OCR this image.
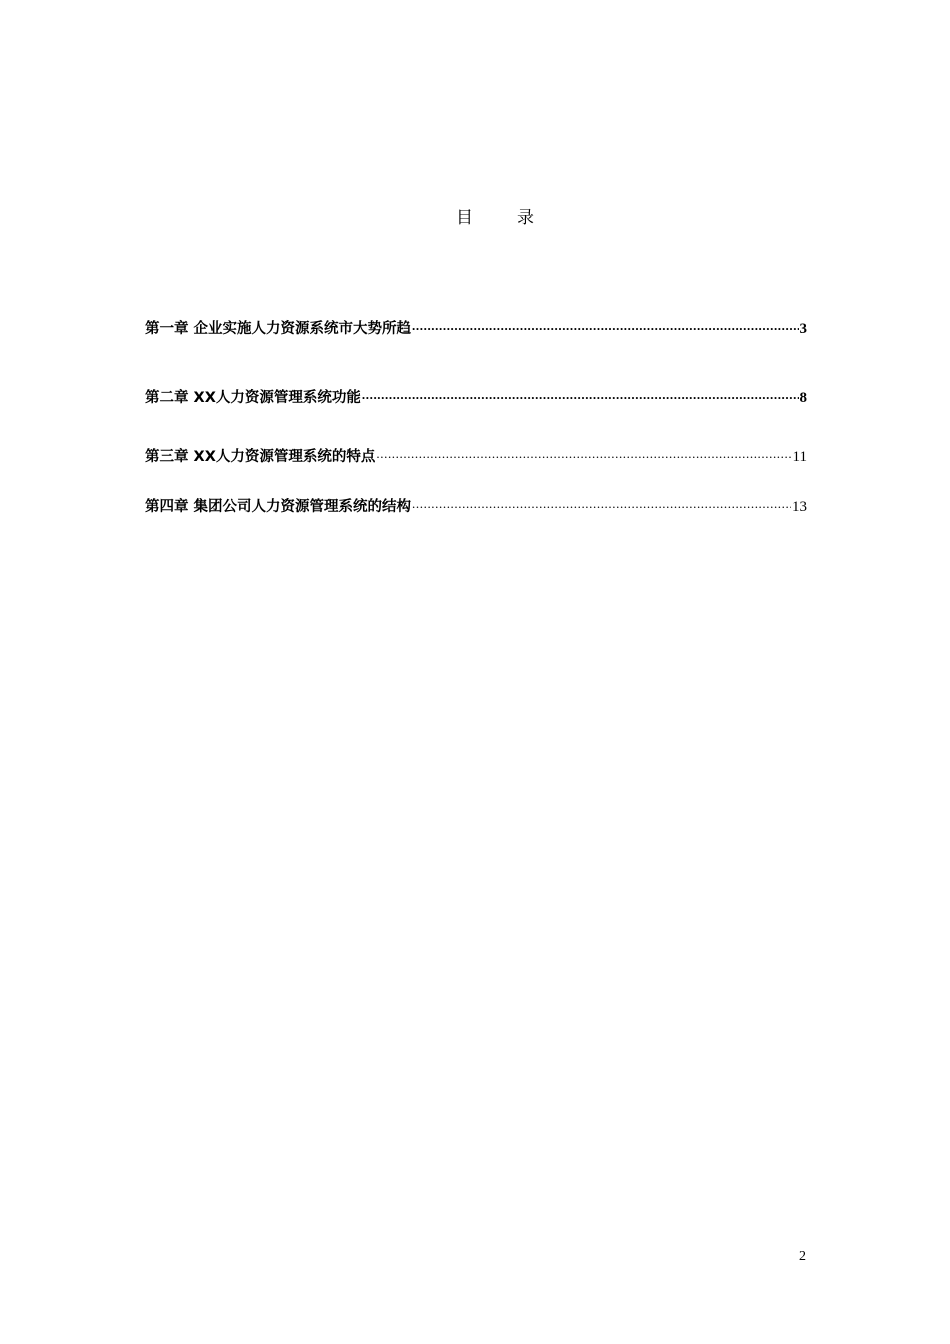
目	录
第一章 企业实施人力资源系统市大势所趋 .....	3
第二章 XX人力资源管理系统功能 .....	8
第三章 XX人力资源管理系统的特点 .....	11
第四章 集团公司人力资源管理系统的结构 .....	13
2
